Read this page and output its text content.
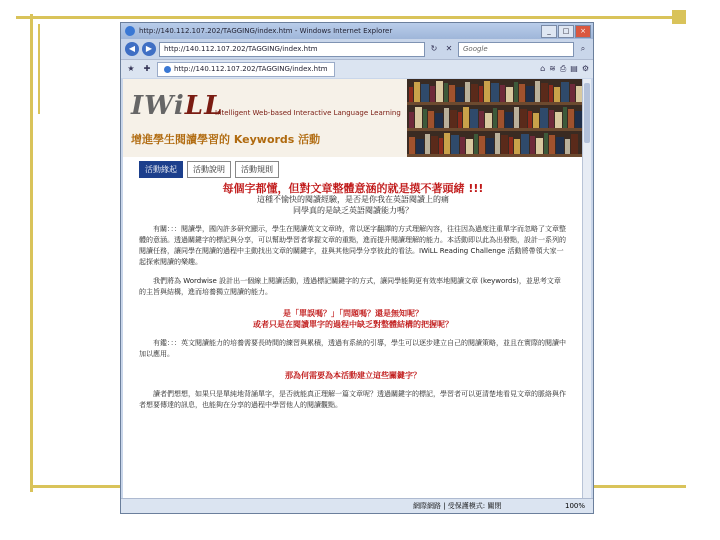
http://140.112.107.202/TAGGING/index.htm - Windows Internet Explorer	_	□	×
◀	▶	http://140.112.107.202/TAGGING/index.htm	↻	✕	Google	⌕
★	✚	http://140.112.107.202/TAGGING/index.htm	⌂ ≋ ⎙ ▤ ⚙
IWiLL
Intelligent Web-based Interactive Language Learning
增進學生閱讀學習的 Keywords 活動
活動緣起	活動說明	活動規則
每個字都懂，但對文章整體意涵的就是摸不著頭緒 !!!
這種不愉快的閱讀經驗，是否是你我在英語閱讀上的痛
同學真的是缺乏英語閱讀能力嗎？
有關：：：閱讀學，國內許多研究顯示，學生在閱讀英文文章時，常以逐字翻譯的方式理解內容，往往因為過度注重單字而忽略了文章整體的意涵。透過關鍵字的標記與分享，可以幫助學習者掌握文章的重點，進而提升閱讀理解的能力。本活動即以此為出發點，設計一系列的閱讀任務，讓同學在閱讀的過程中主動找出文章的關鍵字，並與其他同學分享彼此的看法。IWiLL Reading Challenge 活動將帶領大家一起探索閱讀的樂趣。
我們將為 Wordwise 設計出一個線上閱讀活動，透過標記關鍵字的方式，讓同學能夠更有效率地閱讀文章 (keywords)，並思考文章的主旨與結構，進而培養獨立閱讀的能力。
是「單誤嗎？」「問題嗎？還是無知呢？
或者只是在閱讀單字的過程中缺乏對整體結構的把握呢？
有鑑：：：英文閱讀能力的培養需要長時間的練習與累積，透過有系統的引導，學生可以逐步建立自己的閱讀策略，並且在實際的閱讀中加以應用。
那為何需要為本活動建立這些關鍵字？
讀者們想想，如果只是單純地背誦單字，是否就能真正理解一篇文章呢？透過關鍵字的標記，學習者可以更清楚地看見文章的脈絡與作者想要傳達的訊息，也能夠在分享的過程中學習他人的閱讀觀點。
網際網路 | 受保護模式: 關閉	100%
